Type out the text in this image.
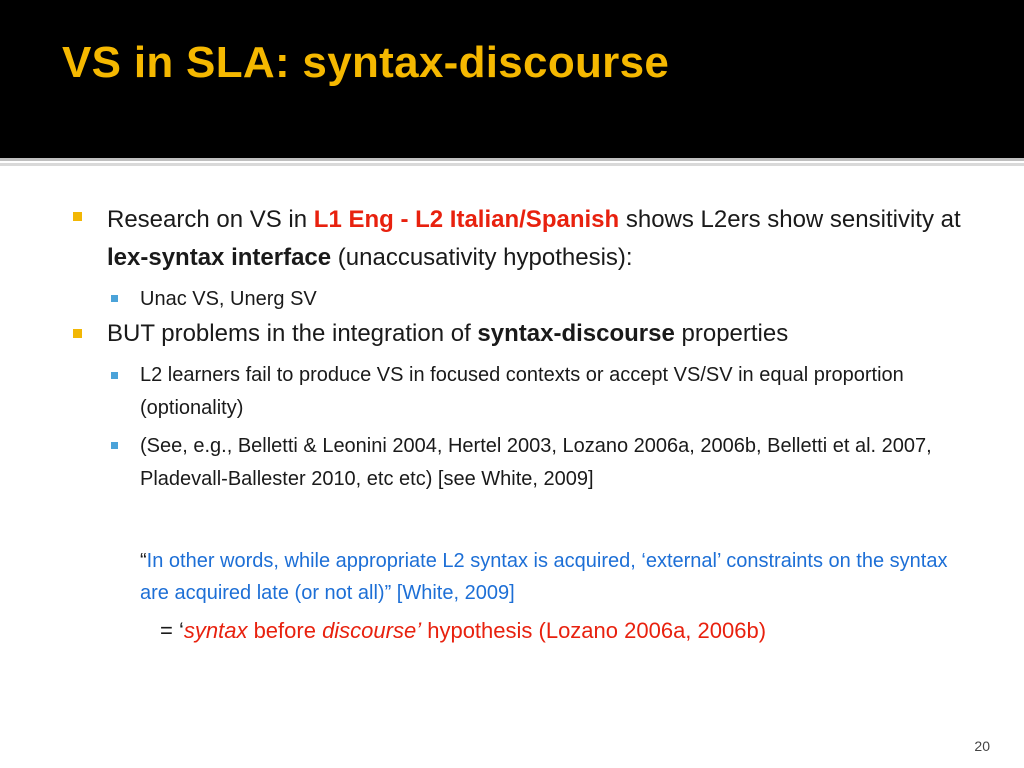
VS in SLA: syntax-discourse
Research on VS in L1 Eng - L2 Italian/Spanish shows L2ers show sensitivity at lex-syntax interface (unaccusativity hypothesis):
Unac VS, Unerg SV
BUT problems in the integration of syntax-discourse properties
L2 learners fail to produce VS in focused contexts or accept VS/SV in equal proportion (optionality)
(See, e.g., Belletti & Leonini 2004, Hertel 2003, Lozano 2006a, 2006b, Belletti et al. 2007, Pladevall-Ballester 2010, etc etc) [see White, 2009]
“In other words, while appropriate L2 syntax is acquired, ‘external’ constraints on the syntax are acquired late (or not all)” [White, 2009]
= ‘syntax before discourse’ hypothesis (Lozano 2006a, 2006b)
20
